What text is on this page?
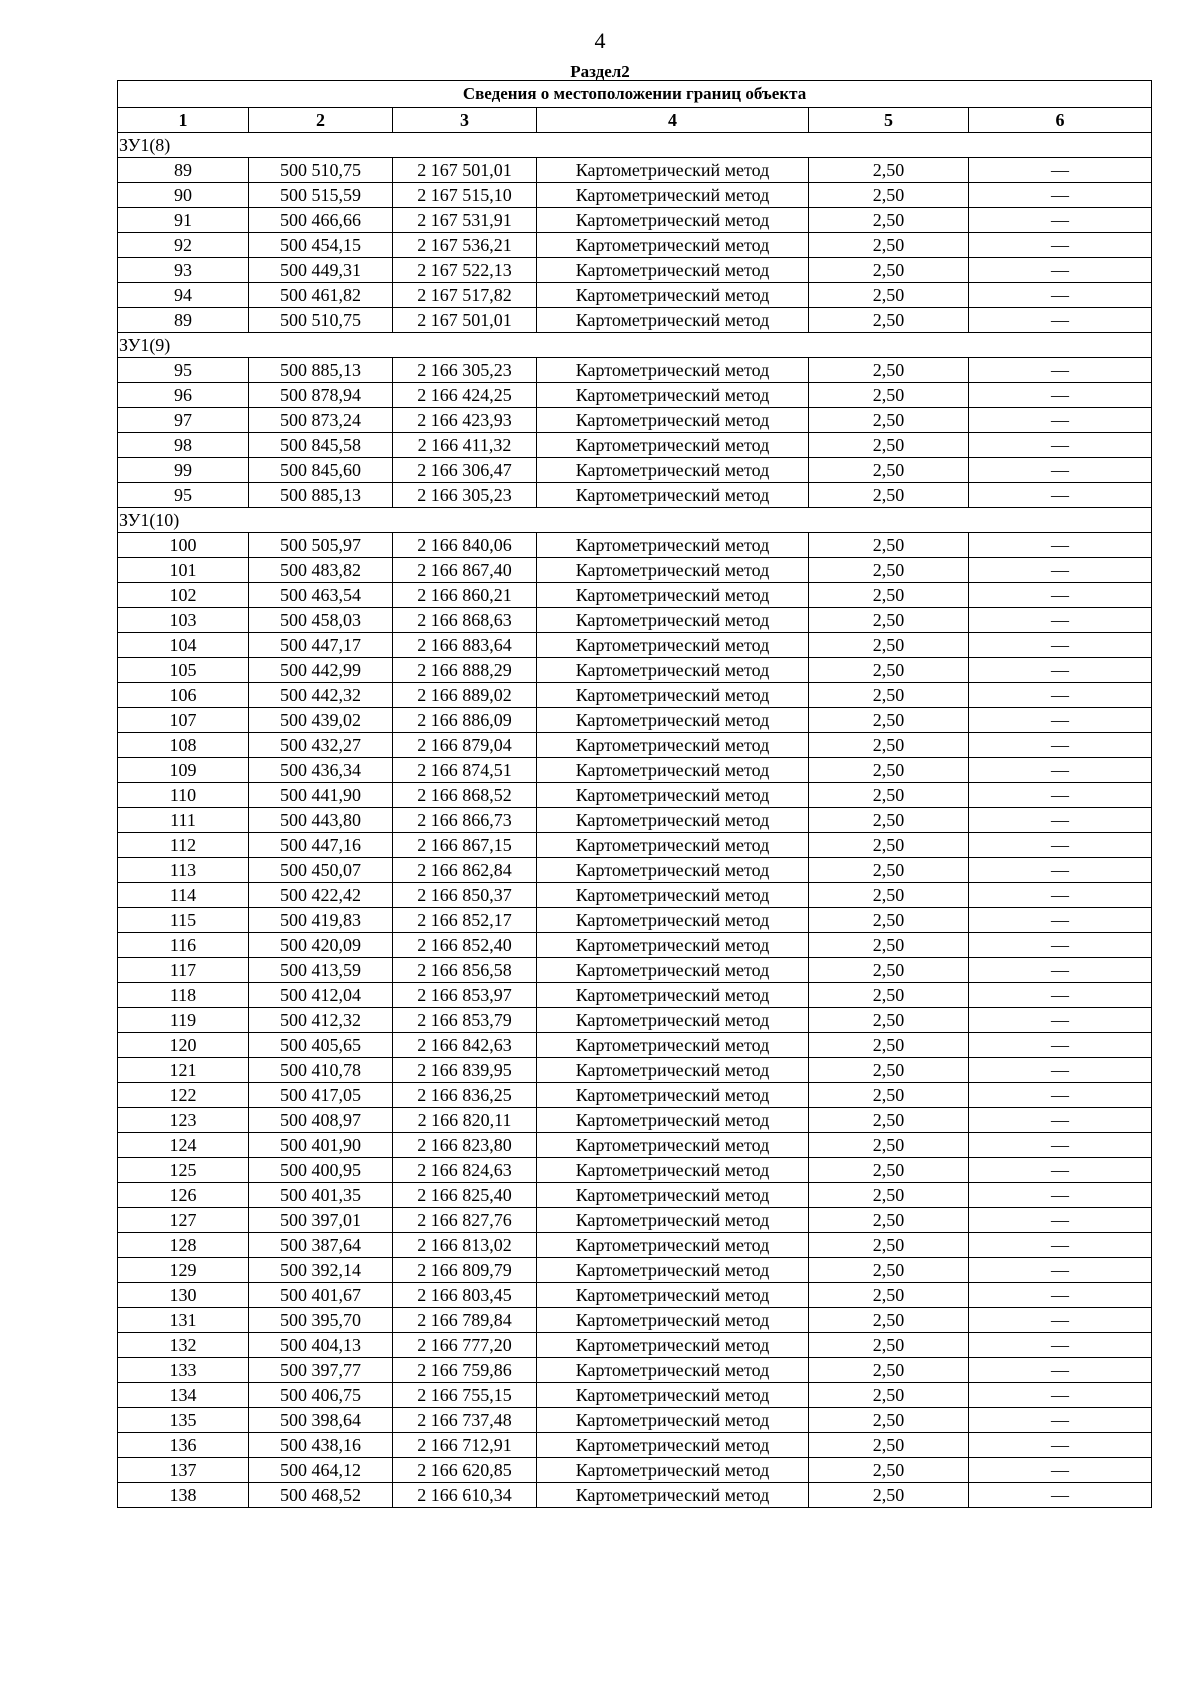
4
Раздел2
Сведения о местоположении границ объекта					
1	2	3	4	5	6
ЗУ1(8)					
89	500 510,75	2 167 501,01	Картометрический метод	2,50	—
90	500 515,59	2 167 515,10	Картометрический метод	2,50	—
91	500 466,66	2 167 531,91	Картометрический метод	2,50	—
92	500 454,15	2 167 536,21	Картометрический метод	2,50	—
93	500 449,31	2 167 522,13	Картометрический метод	2,50	—
94	500 461,82	2 167 517,82	Картометрический метод	2,50	—
89	500 510,75	2 167 501,01	Картометрический метод	2,50	—
ЗУ1(9)					
95	500 885,13	2 166 305,23	Картометрический метод	2,50	—
96	500 878,94	2 166 424,25	Картометрический метод	2,50	—
97	500 873,24	2 166 423,93	Картометрический метод	2,50	—
98	500 845,58	2 166 411,32	Картометрический метод	2,50	—
99	500 845,60	2 166 306,47	Картометрический метод	2,50	—
95	500 885,13	2 166 305,23	Картометрический метод	2,50	—
ЗУ1(10)					
100	500 505,97	2 166 840,06	Картометрический метод	2,50	—
101	500 483,82	2 166 867,40	Картометрический метод	2,50	—
102	500 463,54	2 166 860,21	Картометрический метод	2,50	—
103	500 458,03	2 166 868,63	Картометрический метод	2,50	—
104	500 447,17	2 166 883,64	Картометрический метод	2,50	—
105	500 442,99	2 166 888,29	Картометрический метод	2,50	—
106	500 442,32	2 166 889,02	Картометрический метод	2,50	—
107	500 439,02	2 166 886,09	Картометрический метод	2,50	—
108	500 432,27	2 166 879,04	Картометрический метод	2,50	—
109	500 436,34	2 166 874,51	Картометрический метод	2,50	—
110	500 441,90	2 166 868,52	Картометрический метод	2,50	—
111	500 443,80	2 166 866,73	Картометрический метод	2,50	—
112	500 447,16	2 166 867,15	Картометрический метод	2,50	—
113	500 450,07	2 166 862,84	Картометрический метод	2,50	—
114	500 422,42	2 166 850,37	Картометрический метод	2,50	—
115	500 419,83	2 166 852,17	Картометрический метод	2,50	—
116	500 420,09	2 166 852,40	Картометрический метод	2,50	—
117	500 413,59	2 166 856,58	Картометрический метод	2,50	—
118	500 412,04	2 166 853,97	Картометрический метод	2,50	—
119	500 412,32	2 166 853,79	Картометрический метод	2,50	—
120	500 405,65	2 166 842,63	Картометрический метод	2,50	—
121	500 410,78	2 166 839,95	Картометрический метод	2,50	—
122	500 417,05	2 166 836,25	Картометрический метод	2,50	—
123	500 408,97	2 166 820,11	Картометрический метод	2,50	—
124	500 401,90	2 166 823,80	Картометрический метод	2,50	—
125	500 400,95	2 166 824,63	Картометрический метод	2,50	—
126	500 401,35	2 166 825,40	Картометрический метод	2,50	—
127	500 397,01	2 166 827,76	Картометрический метод	2,50	—
128	500 387,64	2 166 813,02	Картометрический метод	2,50	—
129	500 392,14	2 166 809,79	Картометрический метод	2,50	—
130	500 401,67	2 166 803,45	Картометрический метод	2,50	—
131	500 395,70	2 166 789,84	Картометрический метод	2,50	—
132	500 404,13	2 166 777,20	Картометрический метод	2,50	—
133	500 397,77	2 166 759,86	Картометрический метод	2,50	—
134	500 406,75	2 166 755,15	Картометрический метод	2,50	—
135	500 398,64	2 166 737,48	Картометрический метод	2,50	—
136	500 438,16	2 166 712,91	Картометрический метод	2,50	—
137	500 464,12	2 166 620,85	Картометрический метод	2,50	—
138	500 468,52	2 166 610,34	Картометрический метод	2,50	—
